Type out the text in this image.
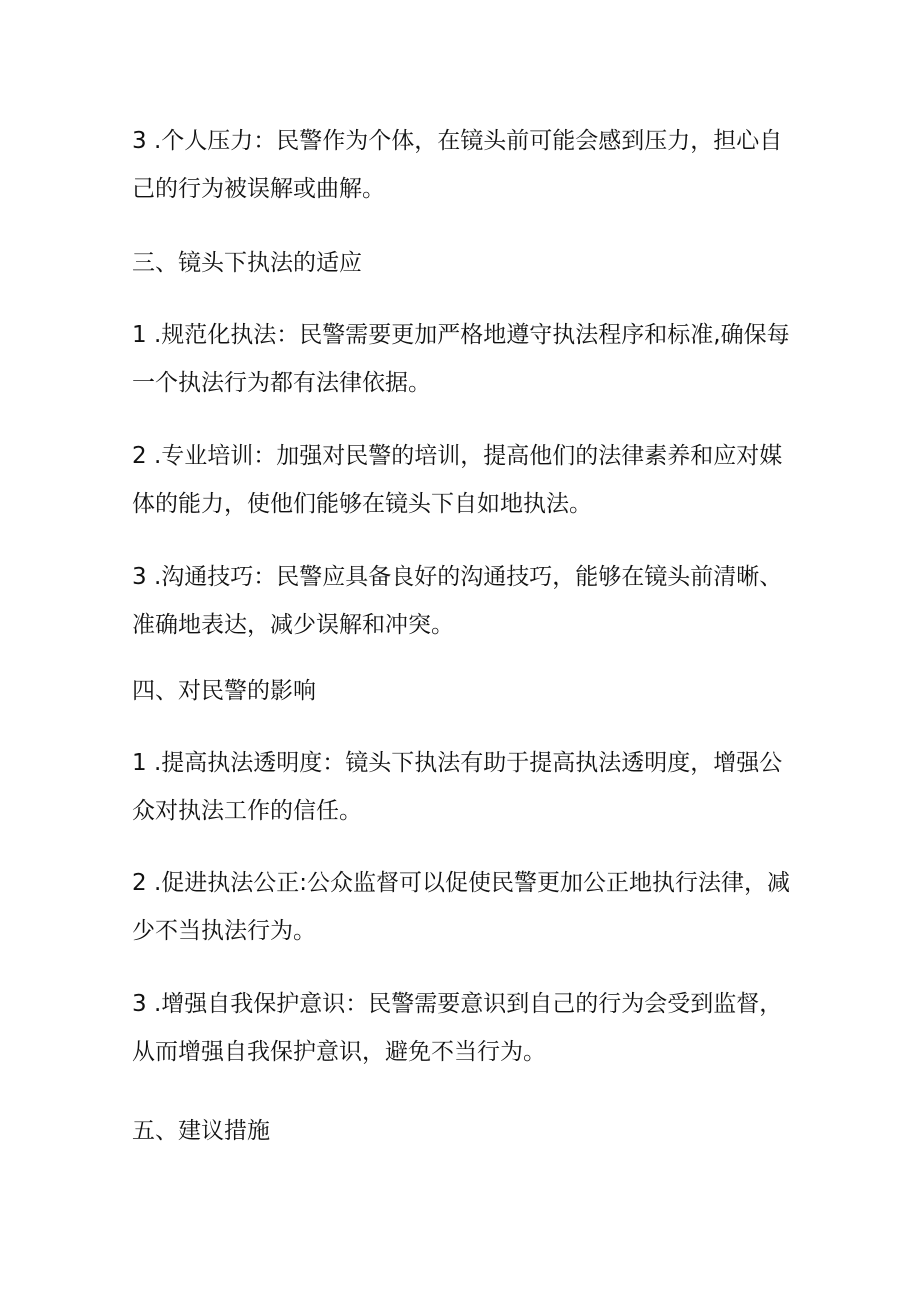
3 .个人压力：民警作为个体，在镜头前可能会感到压力，担心自
己的行为被误解或曲解。

三、镜头下执法的适应

1 .规范化执法：民警需要更加严格地遵守执法程序和标准,确保每
一个执法行为都有法律依据。

2 .专业培训：加强对民警的培训，提高他们的法律素养和应对媒
体的能力，使他们能够在镜头下自如地执法。

3 .沟通技巧：民警应具备良好的沟通技巧，能够在镜头前清晰、
准确地表达，减少误解和冲突。

四、对民警的影响

1 .提高执法透明度：镜头下执法有助于提高执法透明度，增强公
众对执法工作的信任。

2 .促进执法公正:公众监督可以促使民警更加公正地执行法律，减
少不当执法行为。

3 .增强自我保护意识：民警需要意识到自己的行为会受到监督，
从而增强自我保护意识，避免不当行为。

五、建议措施
